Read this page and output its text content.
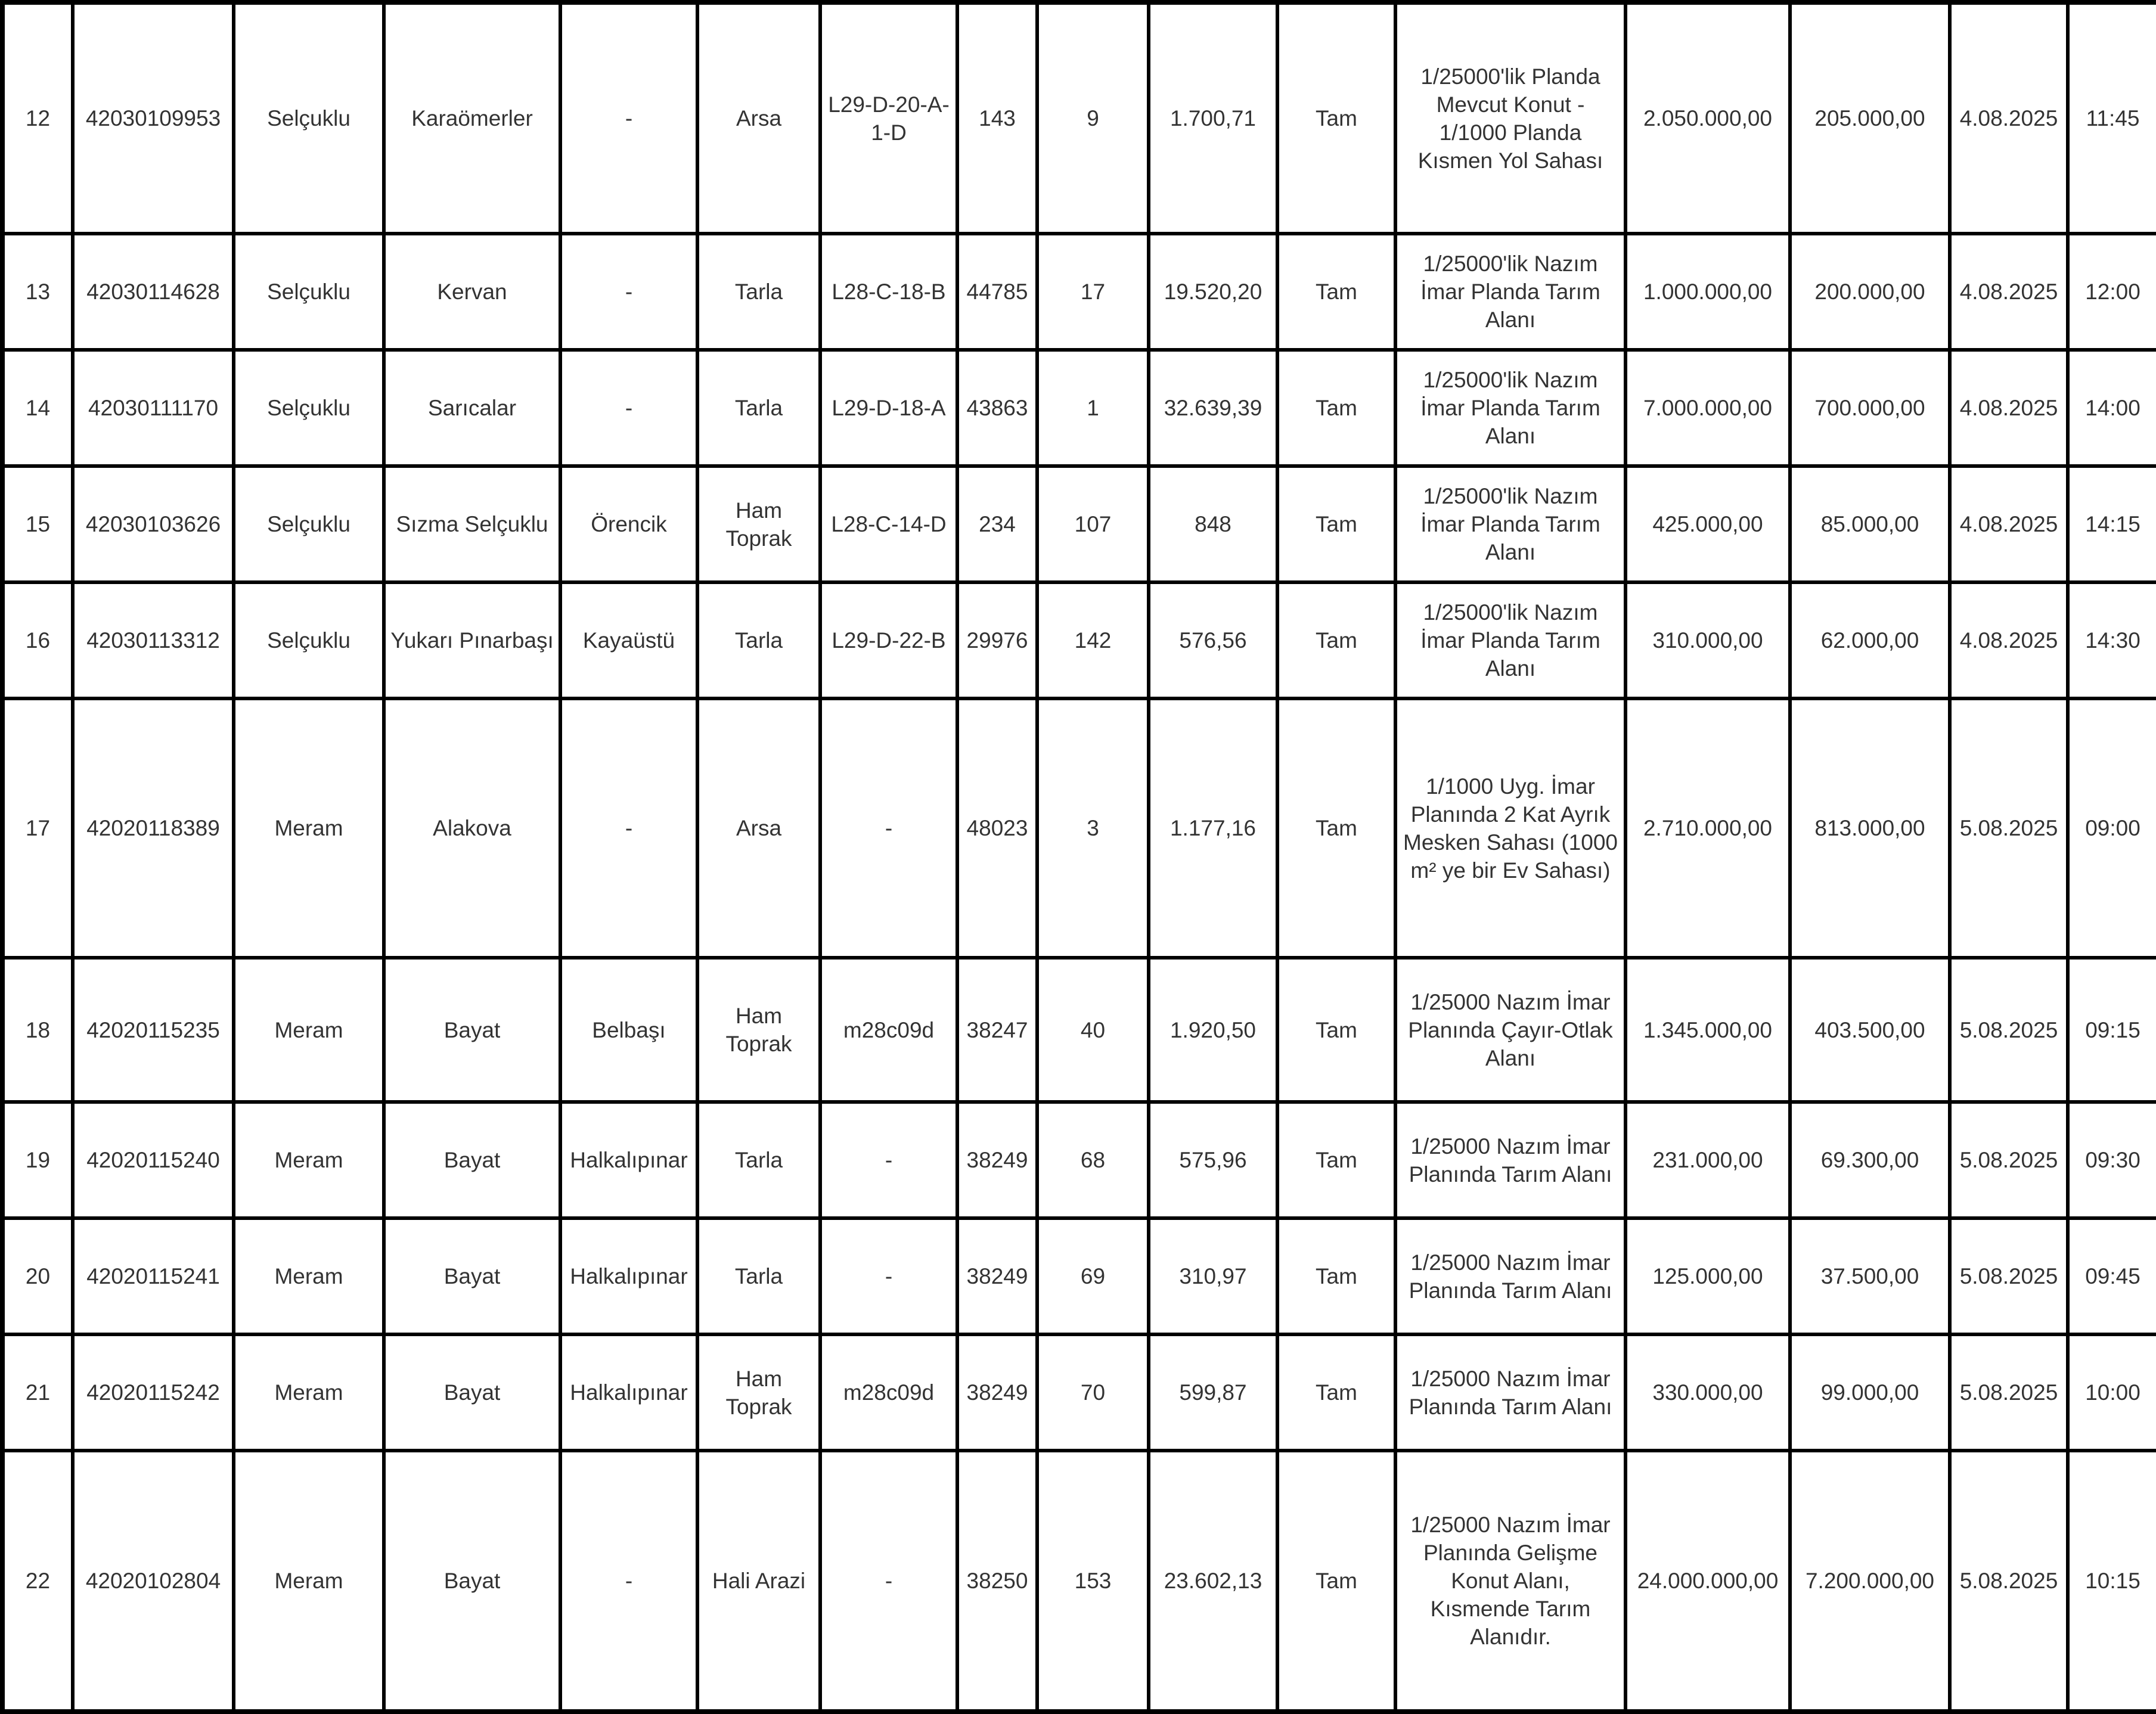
12	42030109953	Selçuklu	Karaömerler	-	Arsa	L29-D-20-A-1-D	143	9	1.700,71	Tam	1/25000'lik Planda Mevcut Konut - 1/1000 Planda Kısmen Yol Sahası	2.050.000,00	205.000,00	4.08.2025	11:45
13	42030114628	Selçuklu	Kervan	-	Tarla	L28-C-18-B	44785	17	19.520,20	Tam	1/25000'lik Nazım İmar Planda Tarım Alanı	1.000.000,00	200.000,00	4.08.2025	12:00
14	42030111170	Selçuklu	Sarıcalar	-	Tarla	L29-D-18-A	43863	1	32.639,39	Tam	1/25000'lik Nazım İmar Planda Tarım Alanı	7.000.000,00	700.000,00	4.08.2025	14:00
15	42030103626	Selçuklu	Sızma Selçuklu	Örencik	Ham Toprak	L28-C-14-D	234	107	848	Tam	1/25000'lik Nazım İmar Planda Tarım Alanı	425.000,00	85.000,00	4.08.2025	14:15
16	42030113312	Selçuklu	Yukarı Pınarbaşı	Kayaüstü	Tarla	L29-D-22-B	29976	142	576,56	Tam	1/25000'lik Nazım İmar Planda Tarım Alanı	310.000,00	62.000,00	4.08.2025	14:30
17	42020118389	Meram	Alakova	-	Arsa	-	48023	3	1.177,16	Tam	1/1000 Uyg. İmar Planında 2 Kat Ayrık Mesken Sahası (1000 m² ye bir Ev Sahası)	2.710.000,00	813.000,00	5.08.2025	09:00
18	42020115235	Meram	Bayat	Belbaşı	Ham Toprak	m28c09d	38247	40	1.920,50	Tam	1/25000 Nazım İmar Planında Çayır-Otlak Alanı	1.345.000,00	403.500,00	5.08.2025	09:15
19	42020115240	Meram	Bayat	Halkalıpınar	Tarla	-	38249	68	575,96	Tam	1/25000 Nazım İmar Planında Tarım Alanı	231.000,00	69.300,00	5.08.2025	09:30
20	42020115241	Meram	Bayat	Halkalıpınar	Tarla	-	38249	69	310,97	Tam	1/25000 Nazım İmar Planında Tarım Alanı	125.000,00	37.500,00	5.08.2025	09:45
21	42020115242	Meram	Bayat	Halkalıpınar	Ham Toprak	m28c09d	38249	70	599,87	Tam	1/25000 Nazım İmar Planında Tarım Alanı	330.000,00	99.000,00	5.08.2025	10:00
22	42020102804	Meram	Bayat	-	Hali Arazi	-	38250	153	23.602,13	Tam	1/25000 Nazım İmar Planında Gelişme Konut Alanı, Kısmende Tarım Alanıdır.	24.000.000,00	7.200.000,00	5.08.2025	10:15
